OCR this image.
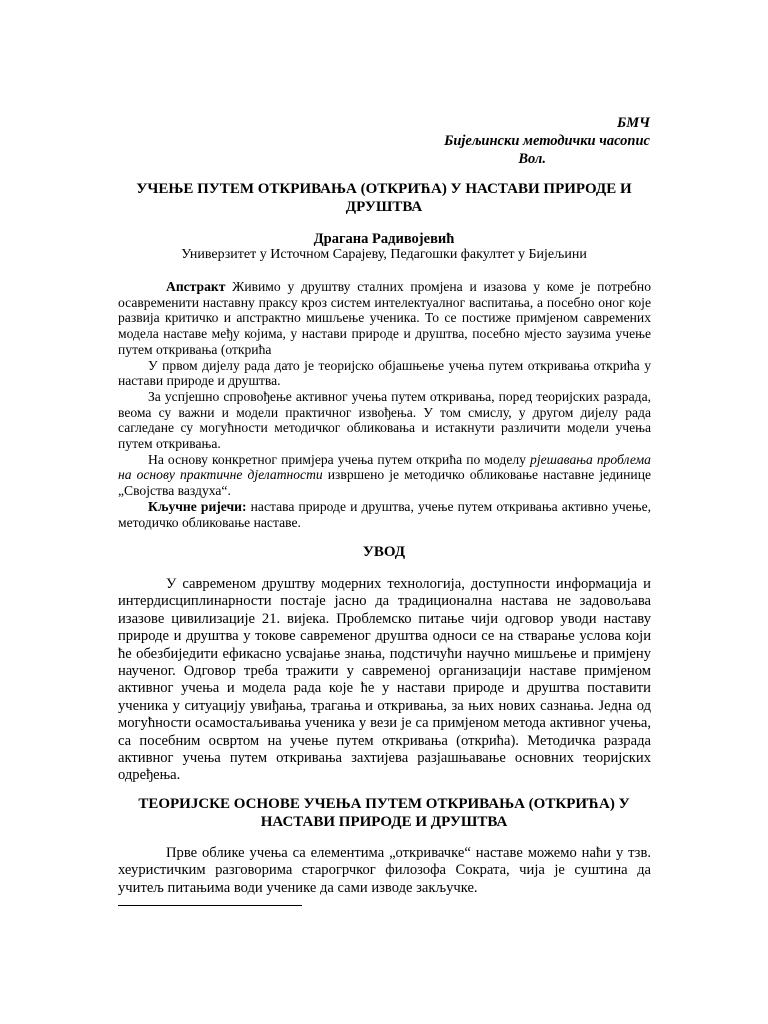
БМЧ
Бијељински методички часопис
Вол.
УЧЕЊЕ ПУТЕМ ОТКРИВАЊА (ОТКРИЋА) У НАСТАВИ ПРИРОДЕ И ДРУШТВА
Драгана Радивојевић
Универзитет у Источном Сарајеву, Педагошки факултет у Бијељини

Апстракт Живимо у друштву сталних промјена и изазова у коме је потребно осавременити наставну праксу кроз систем интелектуалног васпитања, а посебно оног које развија критичко и апстрактно мишљење ученика. То се постиже примјеном савремених модела наставе међу којима, у настави природе и друштва, посебно мјесто заузима учење путем откривања (открића

У првом дијелу рада дато је теоријско објашњење учења путем откривања открића у настави природе и друштва.

За успјешно спровођење активног учења путем откривања, поред теоријских разрада, веома су важни и модели практичног извођења. У том смислу, у другом дијелу рада сагледане су могућности методичког обликовања и истакнути различити модели учења путем откривања.

На основу конкретног примјера учења путем открића по моделу рјешавања проблема на основу практичне дјелатности извршено је методичко обликовање наставне јединице „Својства ваздуха“.

Кључне ријечи: настава природе и друштва, учење путем откривања активно учење, методичко обликовање наставе.

УВОД

У савременом друштву модерних технологија, доступности информација и интердисциплинарности постаје јасно да традиционална настава не задовољава изазове цивилизације 21. вијека. Проблемско питање чији одговор уводи наставу природе и друштва у токове савременог друштва односи се на стварање услова који ће обезбиједити ефикасно усвајање знања, подстичући научно мишљење и примјену наученог. Одговор треба тражити у савременој организацији наставе примјеном активног учења и модела рада које ће у настави природе и друштва поставити ученика у ситуацију увиђања, трагања и откривања, за њих нових сазнања. Једна од могућности осамостаљивања ученика у вези је са примјеном метода активног учења, са посебним освртом на учење путем откривања (открића). Методичка разрада активног учења путем откривања захтијева разјашњавање основних теоријских одређења.

ТЕОРИЈСКЕ ОСНОВЕ УЧЕЊА ПУТЕМ ОТКРИВАЊА (ОТКРИЋА) У НАСТАВИ ПРИРОДЕ И ДРУШТВА

Прве облике учења са елементима „откривачке“ наставе можемо наћи у тзв. хеуристичким разговорима старогрчког филозофа Сократа, чија је суштина да учитељ питањима води ученике да сами изводе закључке.
